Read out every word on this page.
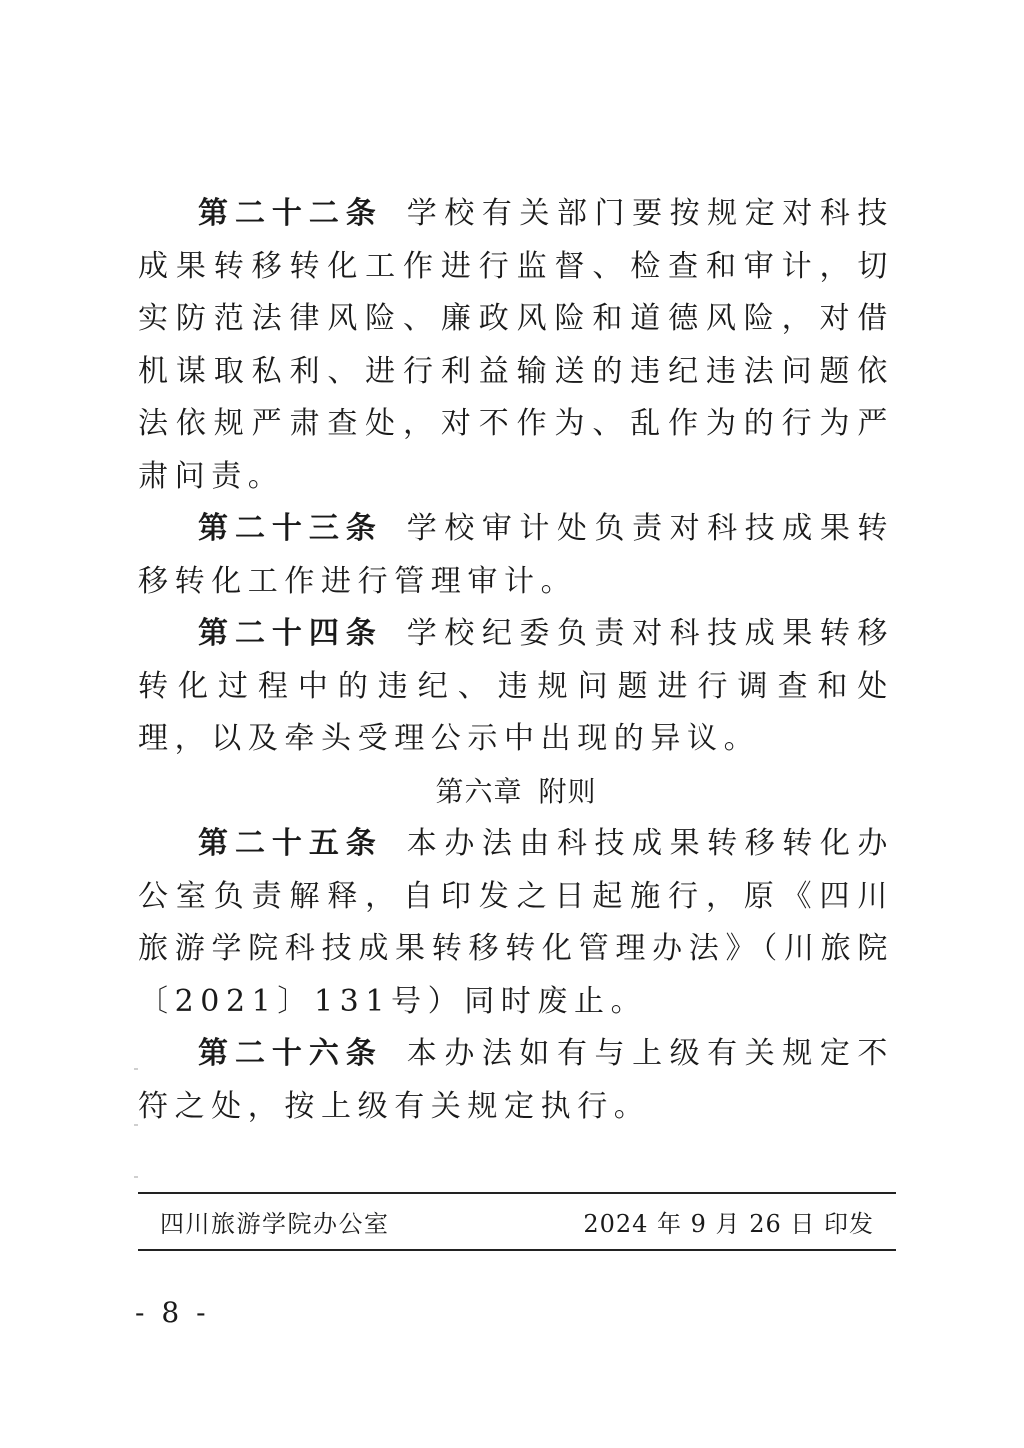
第二十二条 学校有关部门要按规定对科技成果转移转化工作进行监督、检查和审计，切实防范法律风险、廉政风险和道德风险，对借机谋取私利、进行利益输送的违纪违法问题依法依规严肃查处，对不作为、乱作为的行为严肃问责。

第二十三条 学校审计处负责对科技成果转移转化工作进行管理审计。

第二十四条 学校纪委负责对科技成果转移转化过程中的违纪、违规问题进行调查和处理，以及牵头受理公示中出现的异议。

第六章 附则

第二十五条 本办法由科技成果转移转化办公室负责解释，自印发之日起施行，原《四川旅游学院科技成果转移转化管理办法》（川旅院〔2021〕131号）同时废止。

第二十六条 本办法如有与上级有关规定不符之处，按上级有关规定执行。

四川旅游学院办公室	2024 年 9 月 26 日 印发
- 8 -
